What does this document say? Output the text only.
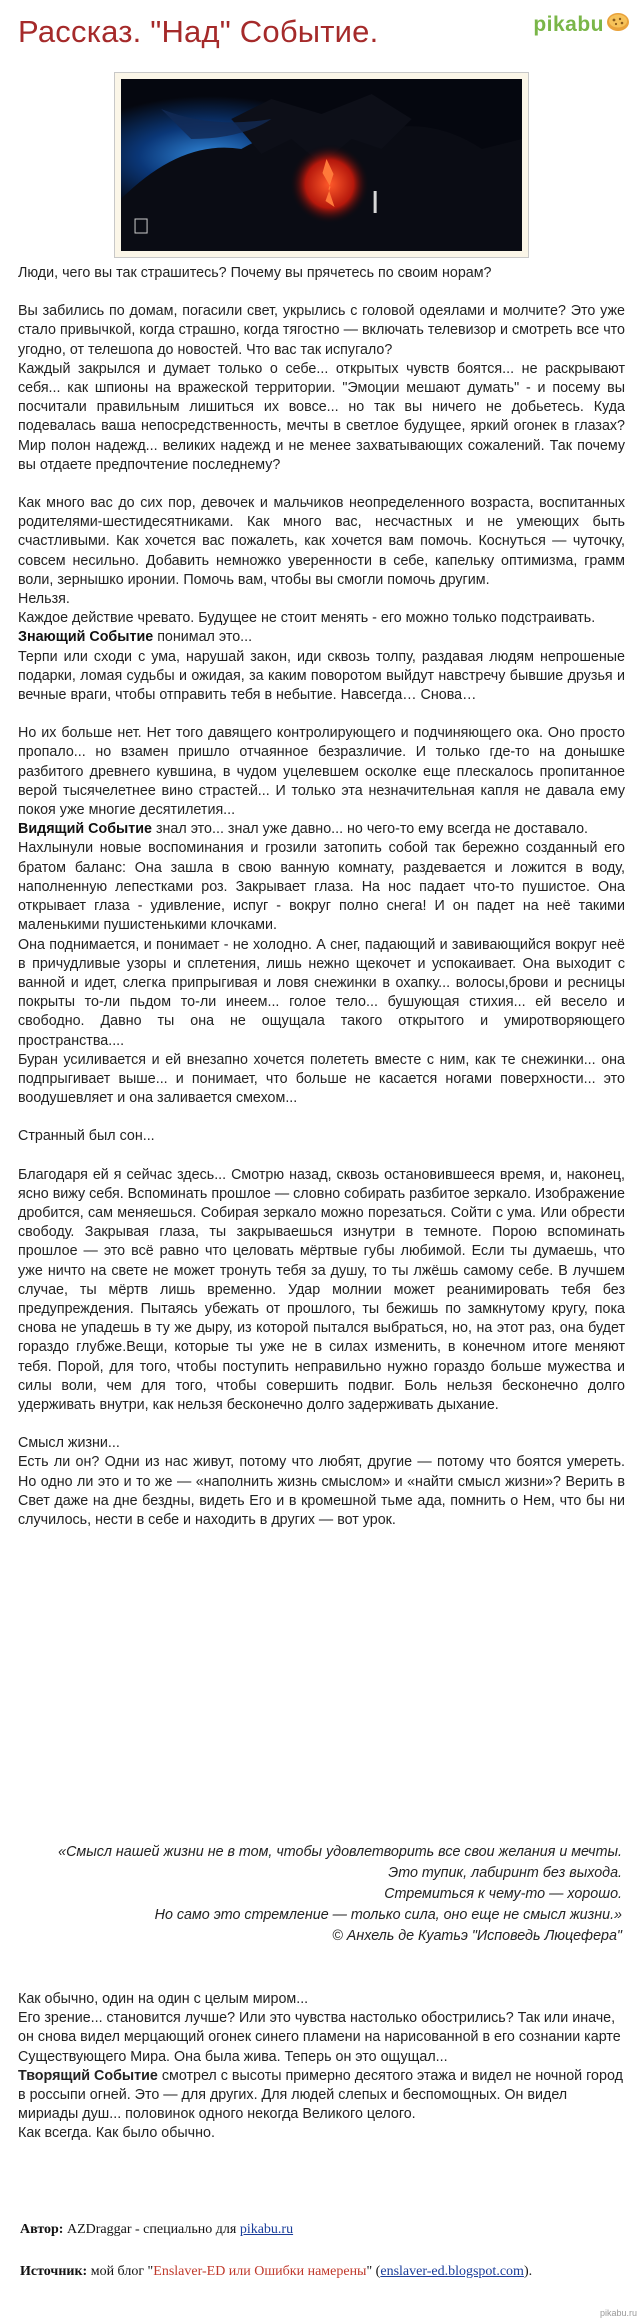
Рассказ. "Над" Событие.	pikabu

Люди, чего вы так страшитесь? Почему вы прячетесь по своим норам?

Вы забились по домам, погасили свет, укрылись с головой одеялами и молчите? Это уже стало привычкой, когда страшно, когда тягостно — включать телевизор и смотреть все что угодно, от телешопа до новостей. Что вас так испугало?

Каждый закрылся и думает только о себе... открытых чувств боятся... не раскрывают себя... как шпионы на вражеской территории. "Эмоции мешают думать" - и посему вы посчитали правильным лишиться их вовсе... но так вы ничего не добьетесь. Куда подевалась ваша непосредственность, мечты в светлое будущее, яркий огонек в глазах? Мир полон надежд... великих надежд и не менее захватывающих сожалений. Так почему вы отдаете предпочтение последнему?

Как много вас до сих пор, девочек и мальчиков неопределенного возраста, воспитанных родителями-шестидесятниками. Как много вас, несчастных и не умеющих быть счастливыми. Как хочется вас пожалеть, как хочется вам помочь. Коснуться — чуточку, совсем несильно. Добавить немножко уверенности в себе, капельку оптимизма, грамм воли, зернышко иронии. Помочь вам, чтобы вы смогли помочь другим.

Нельзя.

Каждое действие чревато. Будущее не стоит менять - его можно только подстраивать.

Знающий Событие понимал это...

Терпи или сходи с ума, нарушай закон, иди сквозь толпу, раздавая людям непрошеные подарки, ломая судьбы и ожидая, за каким поворотом выйдут навстречу бывшие друзья и вечные враги, чтобы отправить тебя в небытие. Навсегда… Снова…

Но их больше нет. Нет того давящего контролирующего и подчиняющего ока. Оно просто пропало... но взамен пришло отчаянное безразличие. И только где-то на донышке разбитого древнего кувшина, в чудом уцелевшем осколке еще плескалось пропитанное верой тысячелетнее вино страстей... И только эта незначительная капля не давала ему покоя уже многие десятилетия...

Видящий Событие знал это... знал уже давно... но чего-то ему всегда не доставало.

Нахлынули новые воспоминания и грозили затопить собой так бережно созданный его братом баланс: Она зашла в свою ванную комнату, раздевается и ложится в воду, наполненную лепестками роз. Закрывает глаза. На нос падает что-то пушистое. Она открывает глаза - удивление, испуг - вокруг полно снега! И он падет на неё такими маленькими пушистенькими клочками.

Она поднимается, и понимает - не холодно. А снег, падающий и завивающийся вокруг неё в причудливые узоры и сплетения, лишь нежно щекочет и успокаивает. Она выходит с ванной и идет, слегка припрыгивая и ловя снежинки в охапку... волосы,брови и ресницы покрыты то-ли пьдом то-ли инеем... голое тело... бушующая стихия... ей весело и свободно. Давно ты она не ощущала такого открытого и умиротворяющего пространства....

Буран усиливается и ей внезапно хочется полететь вместе с ним, как те снежинки... она подпрыгивает выше... и понимает, что больше не касается ногами поверхности... это воодушевляет и она заливается смехом...

Странный был сон...

Благодаря ей я сейчас здесь... Смотрю назад, сквозь остановившееся время, и, наконец, ясно вижу себя. Вспоминать прошлое — словно собирать разбитое зеркало. Изображение дробится, сам меняешься. Собирая зеркало можно порезаться. Сойти с ума. Или обрести свободу. Закрывая глаза, ты закрываешься изнутри в темноте. Порою вспоминать прошлое — это всё равно что целовать мёртвые губы любимой. Если ты думаешь, что уже ничто на свете не может тронуть тебя за душу, то ты лжёшь самому себе. В лучшем случае, ты мёртв лишь временно. Удар молнии может реанимировать тебя без предупреждения. Пытаясь убежать от прошлого, ты бежишь по замкнутому кругу, пока снова не упадешь в ту же дыру, из которой пытался выбраться, но, на этот раз, она будет гораздо глубже.Вещи, которые ты уже не в силах изменить, в конечном итоге меняют тебя. Порой, для того, чтобы поступить неправильно нужно гораздо больше мужества и силы воли, чем для того, чтобы совершить подвиг. Боль нельзя бесконечно долго удерживать внутри, как нельзя бесконечно долго задерживать дыхание.

Смысл жизни...

Есть ли он? Одни из нас живут, потому что любят, другие — потому что боятся умереть. Но одно ли это и то же — «наполнить жизнь смыслом» и «найти смысл жизни»? Верить в Свет даже на дне бездны, видеть Его и в кромешной тьме ада, помнить о Нем, что бы ни случилось, нести в себе и находить в других — вот урок.

«Смысл нашей жизни не в том, чтобы удовлетворить все свои желания и мечты.
Это тупик, лабиринт без выхода.
Стремиться к чему-то — хорошо.
Но само это стремление — только сила, оно еще не смысл жизни.»
© Анхель де Куатьэ "Исповедь Люцефера"

Как обычно, один на один с целым миром...

Его зрение... становится лучше? Или это чувства настолько обострились? Так или иначе, он снова видел мерцающий огонек синего пламени на нарисованной в его сознании карте Существующего Мира. Она была жива. Теперь он это ощущал...

Творящий Событие смотрел с высоты примерно десятого этажа и видел не ночной город в россыпи огней. Это — для других. Для людей слепых и беспомощных. Он видел мириады душ... половинок одного некогда Великого целого.

Как всегда. Как было обычно.

Автор: AZDraggar - специально для pikabu.ru
Источник: мой блог "Enslaver-ED или Ошибки намерены" (enslaver-ed.blogspot.com).
pikabu.ru
